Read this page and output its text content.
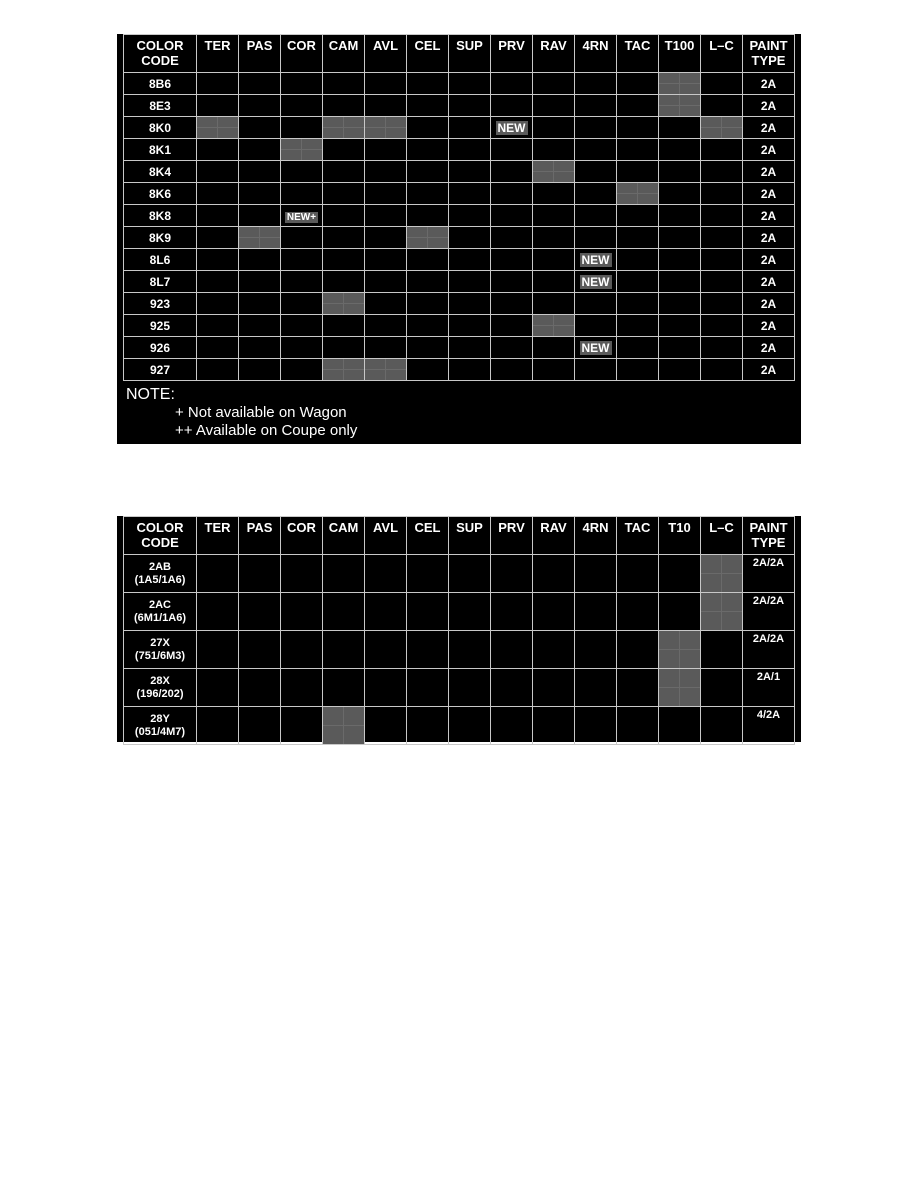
COLOR
CODE	TER	PAS	COR	CAM	AVL	CEL	SUP	PRV	RAV	4RN	TAC	T100	L–C	PAINT
TYPE

8B6														2A

8E3														2A

8K0								NEW						2A

8K1														2A

8K4														2A

8K6														2A

8K8			NEW+											2A

8K9														2A

8L6										NEW				2A

8L7										NEW				2A

923														2A

925														2A

926										NEW				2A

927														2A
NOTE:
+ Not available on Wagon
++ Available on Coupe only
COLOR
CODE	TER	PAS	COR	CAM	AVL	CEL	SUP	PRV	RAV	4RN	TAC	T10	L–C	PAINT
TYPE

2AB
(1A5/1A6)														2A/2A

2AC
(6M1/1A6)														2A/2A

27X
(751/6M3)														2A/2A

28X
(196/202)														2A/1

28Y
(051/4M7)														4/2A
